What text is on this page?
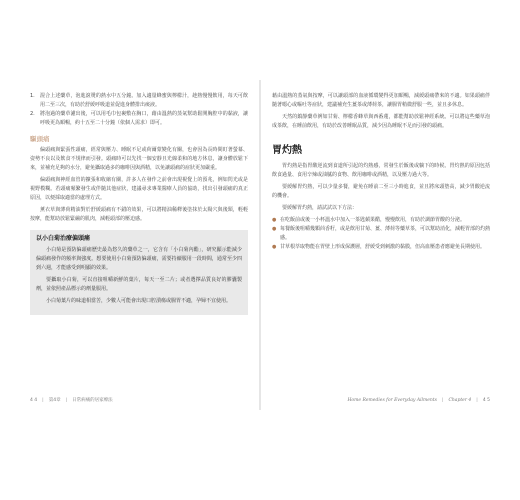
1.	混合上述藥草，泡進滾燙的熱水中五分鐘。加入適量蜂蜜與檸檬汁，趁熱慢慢飲用，每天可飲用二至三次，有助於舒緩呼吸道並促進身體排出痰液。
2.	將泡過的藥草濾出後，可以用毛巾包裹敷在胸口，藉由溫熱的蒸氣幫助鬆開胸腔中的黏液，讓呼吸更為順暢，約十五至二十分鐘（依個人需求）即可。
驅頭痛

偏頭痛與緊張性頭痛，經常與壓力、睡眠不足或荷爾蒙變化有關，也會因為長時間盯著螢幕、姿勢不良以及飲食不規律而引發。頭痛時可以先找一個安靜且光線柔和的地方休息，讓身體放鬆下來，並補充足夠的水分，避免攝取過多的咖啡因與酒精，以免讓頭痛的症狀更加嚴重。

偏頭痛與神經血管的擴張和收縮有關，許多人在發作之前會出現視覺上的預兆，例如閃光或是視野模糊。若頭痛頻繁發生或伴隨其他症狀，建議尋求專業醫療人員的協助，找出引發頭痛的真正原因，以便採取適當的處理方式。

薰衣草與薄荷精油對於舒緩頭痛有不錯的效果，可以將精油稀釋後塗抹於太陽穴與後頸，輕輕按摩，能幫助放鬆緊繃的肌肉，減輕頭部的壓迫感。

以小白菊治療偏頭痛

小白菊是預防偏頭痛歷史最為悠久的藥草之一，它含有「小白菊內酯」，研究顯示能減少偏頭痛發作的頻率與強度。想要使用小白菊預防偏頭痛，需要持續服用一段時間，通常至少四到六週，才能感受到明顯的效果。

要攝取小白菊，可以直接咀嚼新鮮的葉片，每天一至二片；或者選擇品質良好的膠囊製劑，並依照產品標示的劑量服用。

小白菊葉片的味道相當苦，少數人可能會出現口腔潰瘍或腸胃不適，孕婦不宜使用。

藉由溫熱的蒸氣與按摩，可以讓頭部的血液循環變得更加順暢，減緩頭痛帶來的不適。如果頭痛伴隨著噁心或嘔吐等症狀，建議補充生薑茶或薄荷茶，讓腸胃稍微舒服一些，並且多休息。

天然的鎮靜藥草例如甘菊、檸檬香蜂草與西番蓮，都能幫助放鬆神經系統。可以將這些藥草泡成茶飲，在睡前飲用，有助於改善睡眠品質，減少因為睡眠不足而引發的頭痛。

胃灼熱

胃灼熱是指胃酸逆流到食道所引起的灼熱感，常發生於飯後或躺下的時候。胃灼熱的原因包括飲食過量、食用辛辣或油膩的食物、飲用咖啡或酒精，以及壓力過大等。

要緩解胃灼熱，可以少量多餐，避免在睡前二至三小時進食，並且將床頭墊高，減少胃酸逆流的機會。

要緩解胃灼熱，請試試以下方法：

● 在吃飯前或後一小杯溫水中加入一茶匙蘋果醋，慢慢飲用，有助於調節胃酸的分泌。
● 每餐飯後咀嚼幾顆茴香籽，或是飲用甘菊、薑、薄荷等藥草茶，可以幫助消化，減輕胃部的灼熱感。
● 甘草根萃取物能在胃壁上形成保護層，舒緩受到刺激的黏膜，但高血壓患者應避免長期使用。
4 4 | 第4章 | 日常病痛的居家療法	Home Remedies for Everyday Ailments | Chapter 4 | 4 5
